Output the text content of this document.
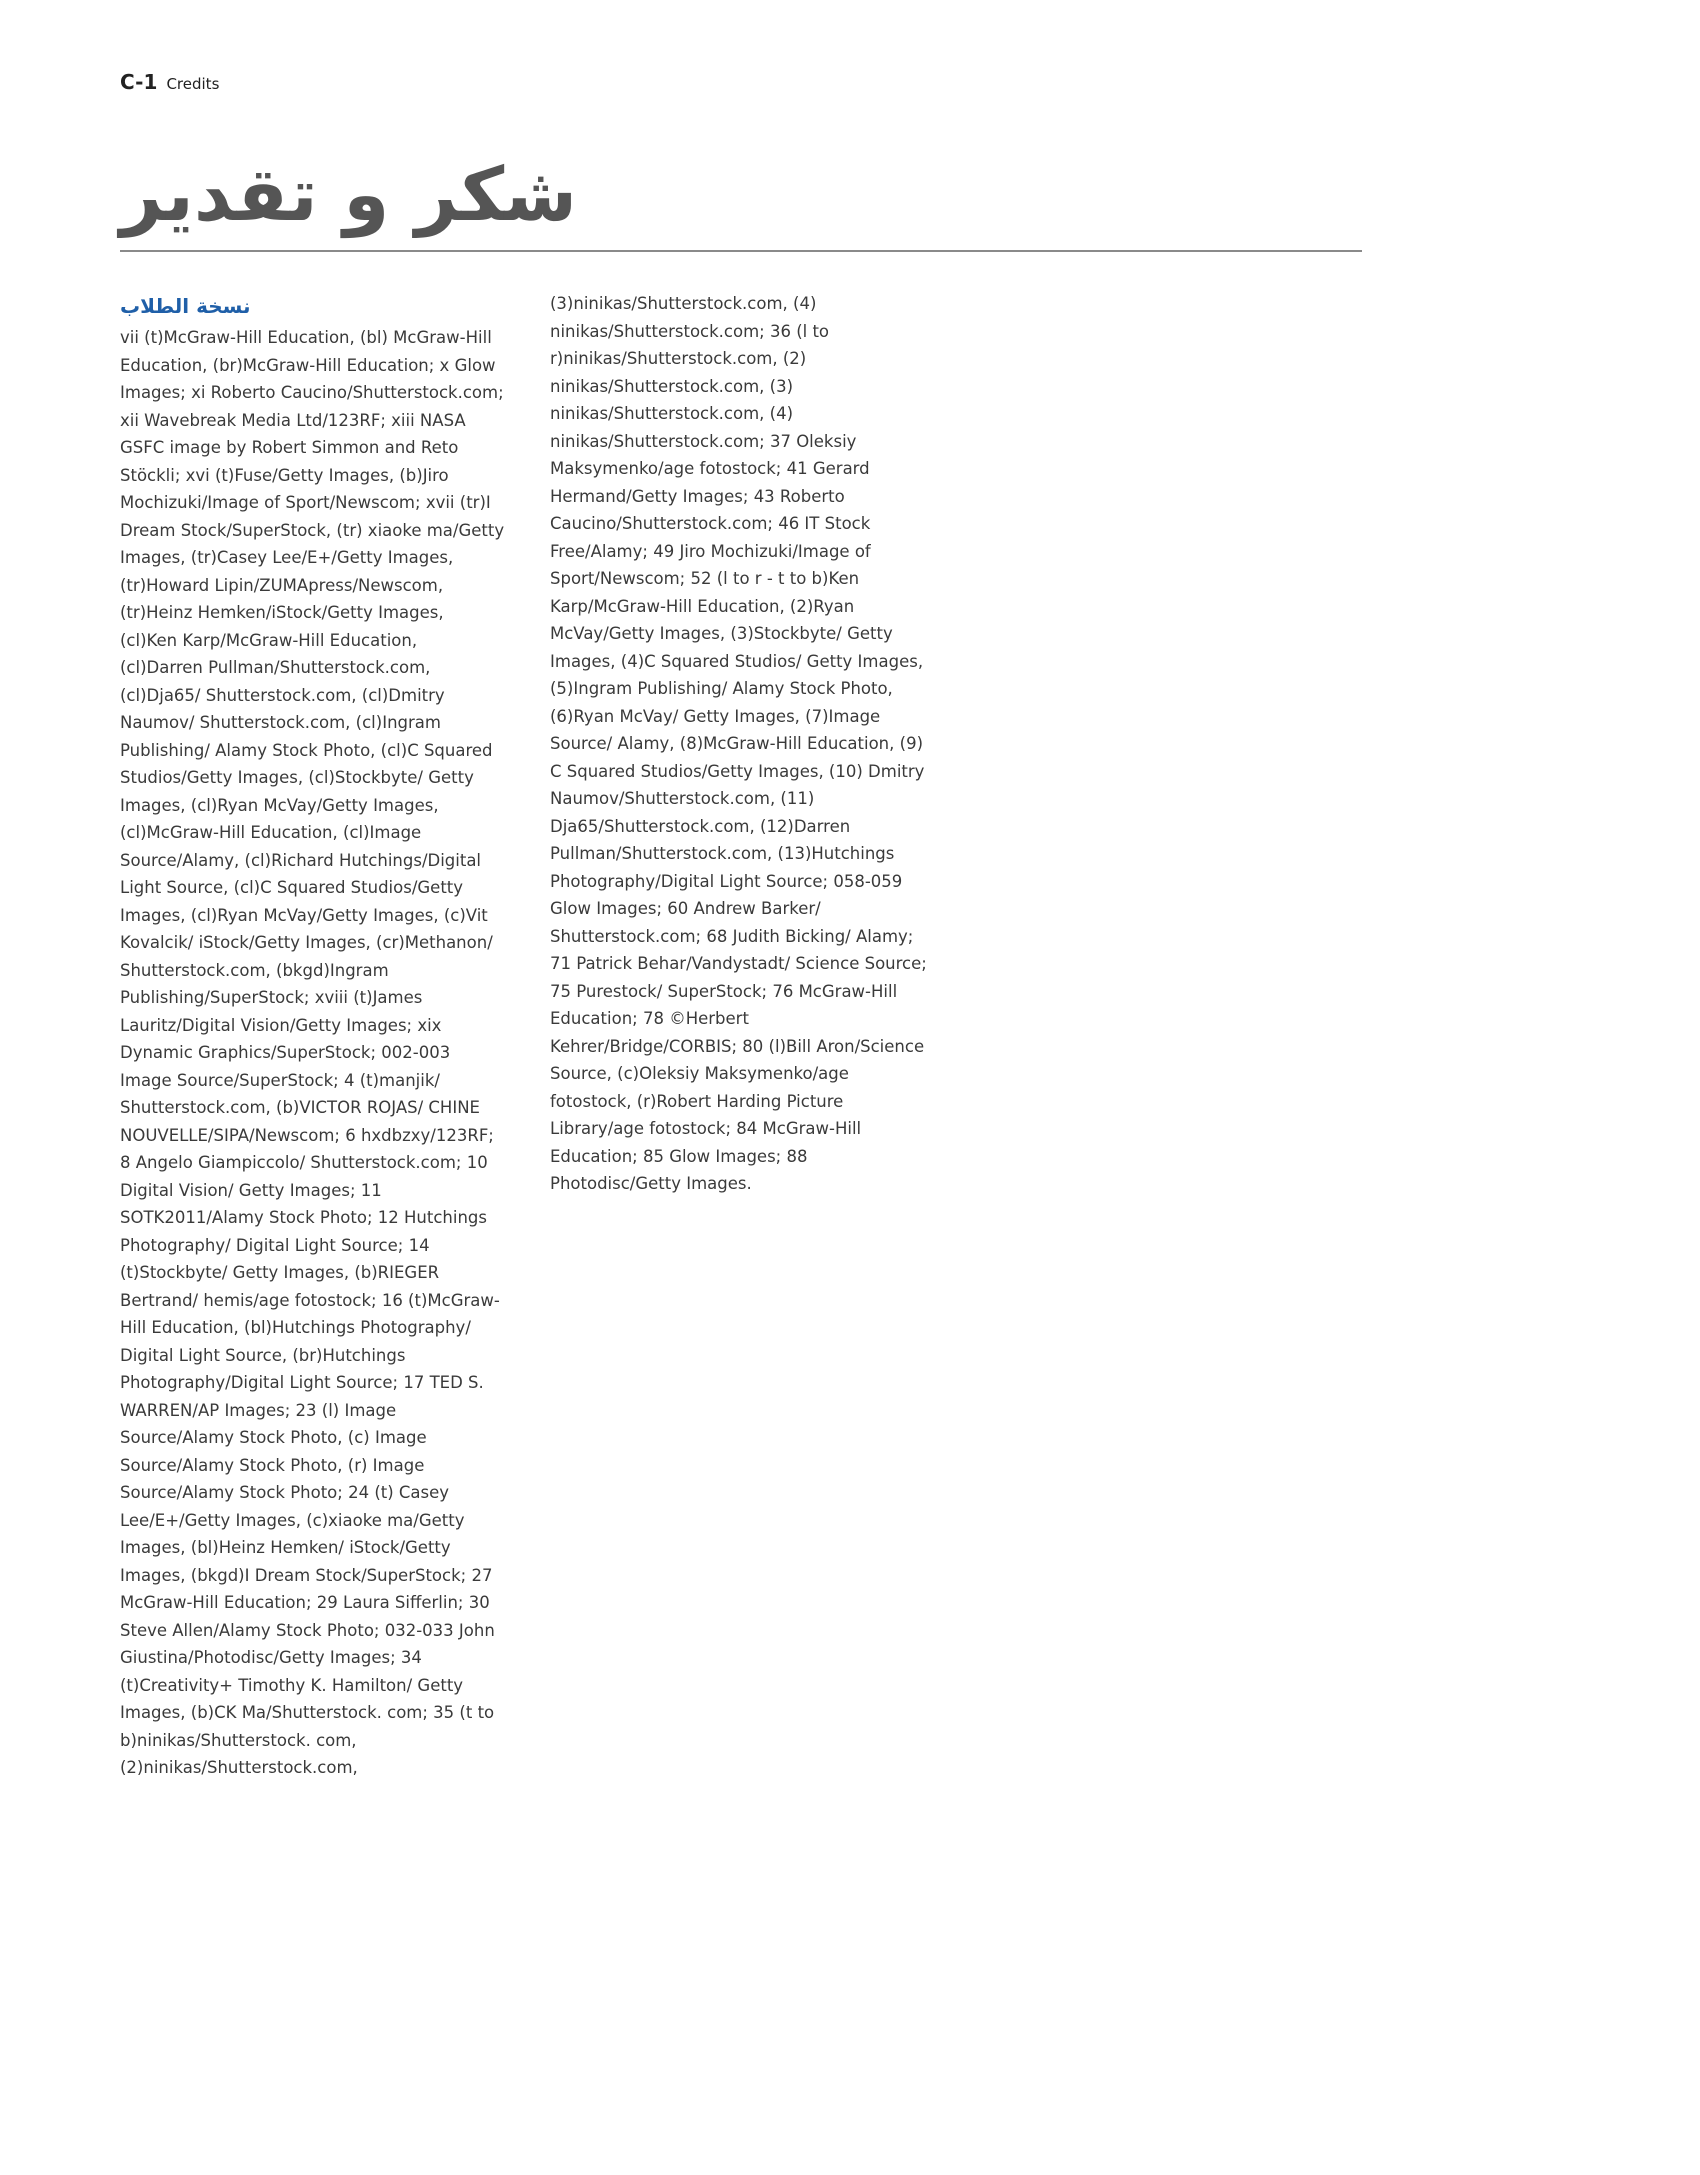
C-1 Credits
شكر و تقدير
نسخة الطلاب

vii (t)McGraw-Hill Education, (bl) McGraw-Hill Education, (br)McGraw-Hill Education; x Glow Images; xi Roberto Caucino/Shutterstock.com; xii Wavebreak Media Ltd/123RF; xiii NASA GSFC image by Robert Simmon and Reto Stöckli; xvi (t)Fuse/Getty Images, (b)Jiro Mochizuki/Image of Sport/Newscom; xvii (tr)I Dream Stock/SuperStock, (tr) xiaoke ma/Getty Images, (tr)Casey Lee/E+/Getty Images, (tr)Howard Lipin/ZUMApress/Newscom, (tr)Heinz Hemken/iStock/Getty Images, (cl)Ken Karp/McGraw-Hill Education, (cl)Darren Pullman/Shutterstock.com, (cl)Dja65/ Shutterstock.com, (cl)Dmitry Naumov/ Shutterstock.com, (cl)Ingram Publishing/ Alamy Stock Photo, (cl)C Squared Studios/Getty Images, (cl)Stockbyte/ Getty Images, (cl)Ryan McVay/Getty Images, (cl)McGraw-Hill Education, (cl)Image Source/Alamy, (cl)Richard Hutchings/Digital Light Source, (cl)C Squared Studios/Getty Images, (cl)Ryan McVay/Getty Images, (c)Vit Kovalcik/ iStock/Getty Images, (cr)Methanon/ Shutterstock.com, (bkgd)Ingram Publishing/SuperStock; xviii (t)James Lauritz/Digital Vision/Getty Images; xix Dynamic Graphics/SuperStock; 002-003 Image Source/SuperStock; 4 (t)manjik/ Shutterstock.com, (b)VICTOR ROJAS/ CHINE NOUVELLE/SIPA/Newscom; 6 hxdbzxy/123RF; 8 Angelo Giampiccolo/ Shutterstock.com; 10 Digital Vision/ Getty Images; 11 SOTK2011/Alamy Stock Photo; 12 Hutchings Photography/ Digital Light Source; 14 (t)Stockbyte/ Getty Images, (b)RIEGER Bertrand/ hemis/age fotostock; 16 (t)McGraw-Hill Education, (bl)Hutchings Photography/ Digital Light Source, (br)Hutchings Photography/Digital Light Source; 17 TED S. WARREN/AP Images; 23 (l) Image Source/Alamy Stock Photo, (c) Image Source/Alamy Stock Photo, (r) Image Source/Alamy Stock Photo; 24 (t) Casey Lee/E+/Getty Images, (c)xiaoke ma/Getty Images, (bl)Heinz Hemken/ iStock/Getty Images, (bkgd)I Dream Stock/SuperStock; 27 McGraw-Hill Education; 29 Laura Sifferlin; 30 Steve Allen/Alamy Stock Photo; 032-033 John Giustina/Photodisc/Getty Images; 34 (t)Creativity+ Timothy K. Hamilton/ Getty Images, (b)CK Ma/Shutterstock. com; 35 (t to b)ninikas/Shutterstock. com, (2)ninikas/Shutterstock.com, (3)ninikas/Shutterstock.com, (4) ninikas/Shutterstock.com; 36 (l to r)ninikas/Shutterstock.com, (2) ninikas/Shutterstock.com, (3) ninikas/Shutterstock.com, (4) ninikas/Shutterstock.com; 37 Oleksiy Maksymenko/age fotostock; 41 Gerard Hermand/Getty Images; 43 Roberto Caucino/Shutterstock.com; 46 IT Stock Free/Alamy; 49 Jiro Mochizuki/Image of Sport/Newscom; 52 (l to r - t to b)Ken Karp/McGraw-Hill Education, (2)Ryan McVay/Getty Images, (3)Stockbyte/ Getty Images, (4)C Squared Studios/ Getty Images, (5)Ingram Publishing/ Alamy Stock Photo, (6)Ryan McVay/ Getty Images, (7)Image Source/ Alamy, (8)McGraw-Hill Education, (9) C Squared Studios/Getty Images, (10) Dmitry Naumov/Shutterstock.com, (11) Dja65/Shutterstock.com, (12)Darren Pullman/Shutterstock.com, (13)Hutchings Photography/Digital Light Source; 058-059 Glow Images; 60 Andrew Barker/ Shutterstock.com; 68 Judith Bicking/ Alamy; 71 Patrick Behar/Vandystadt/ Science Source; 75 Purestock/ SuperStock; 76 McGraw-Hill Education; 78 ©Herbert Kehrer/Bridge/CORBIS; 80 (l)Bill Aron/Science Source, (c)Oleksiy Maksymenko/age fotostock, (r)Robert Harding Picture Library/age fotostock; 84 McGraw-Hill Education; 85 Glow Images; 88 Photodisc/Getty Images.
